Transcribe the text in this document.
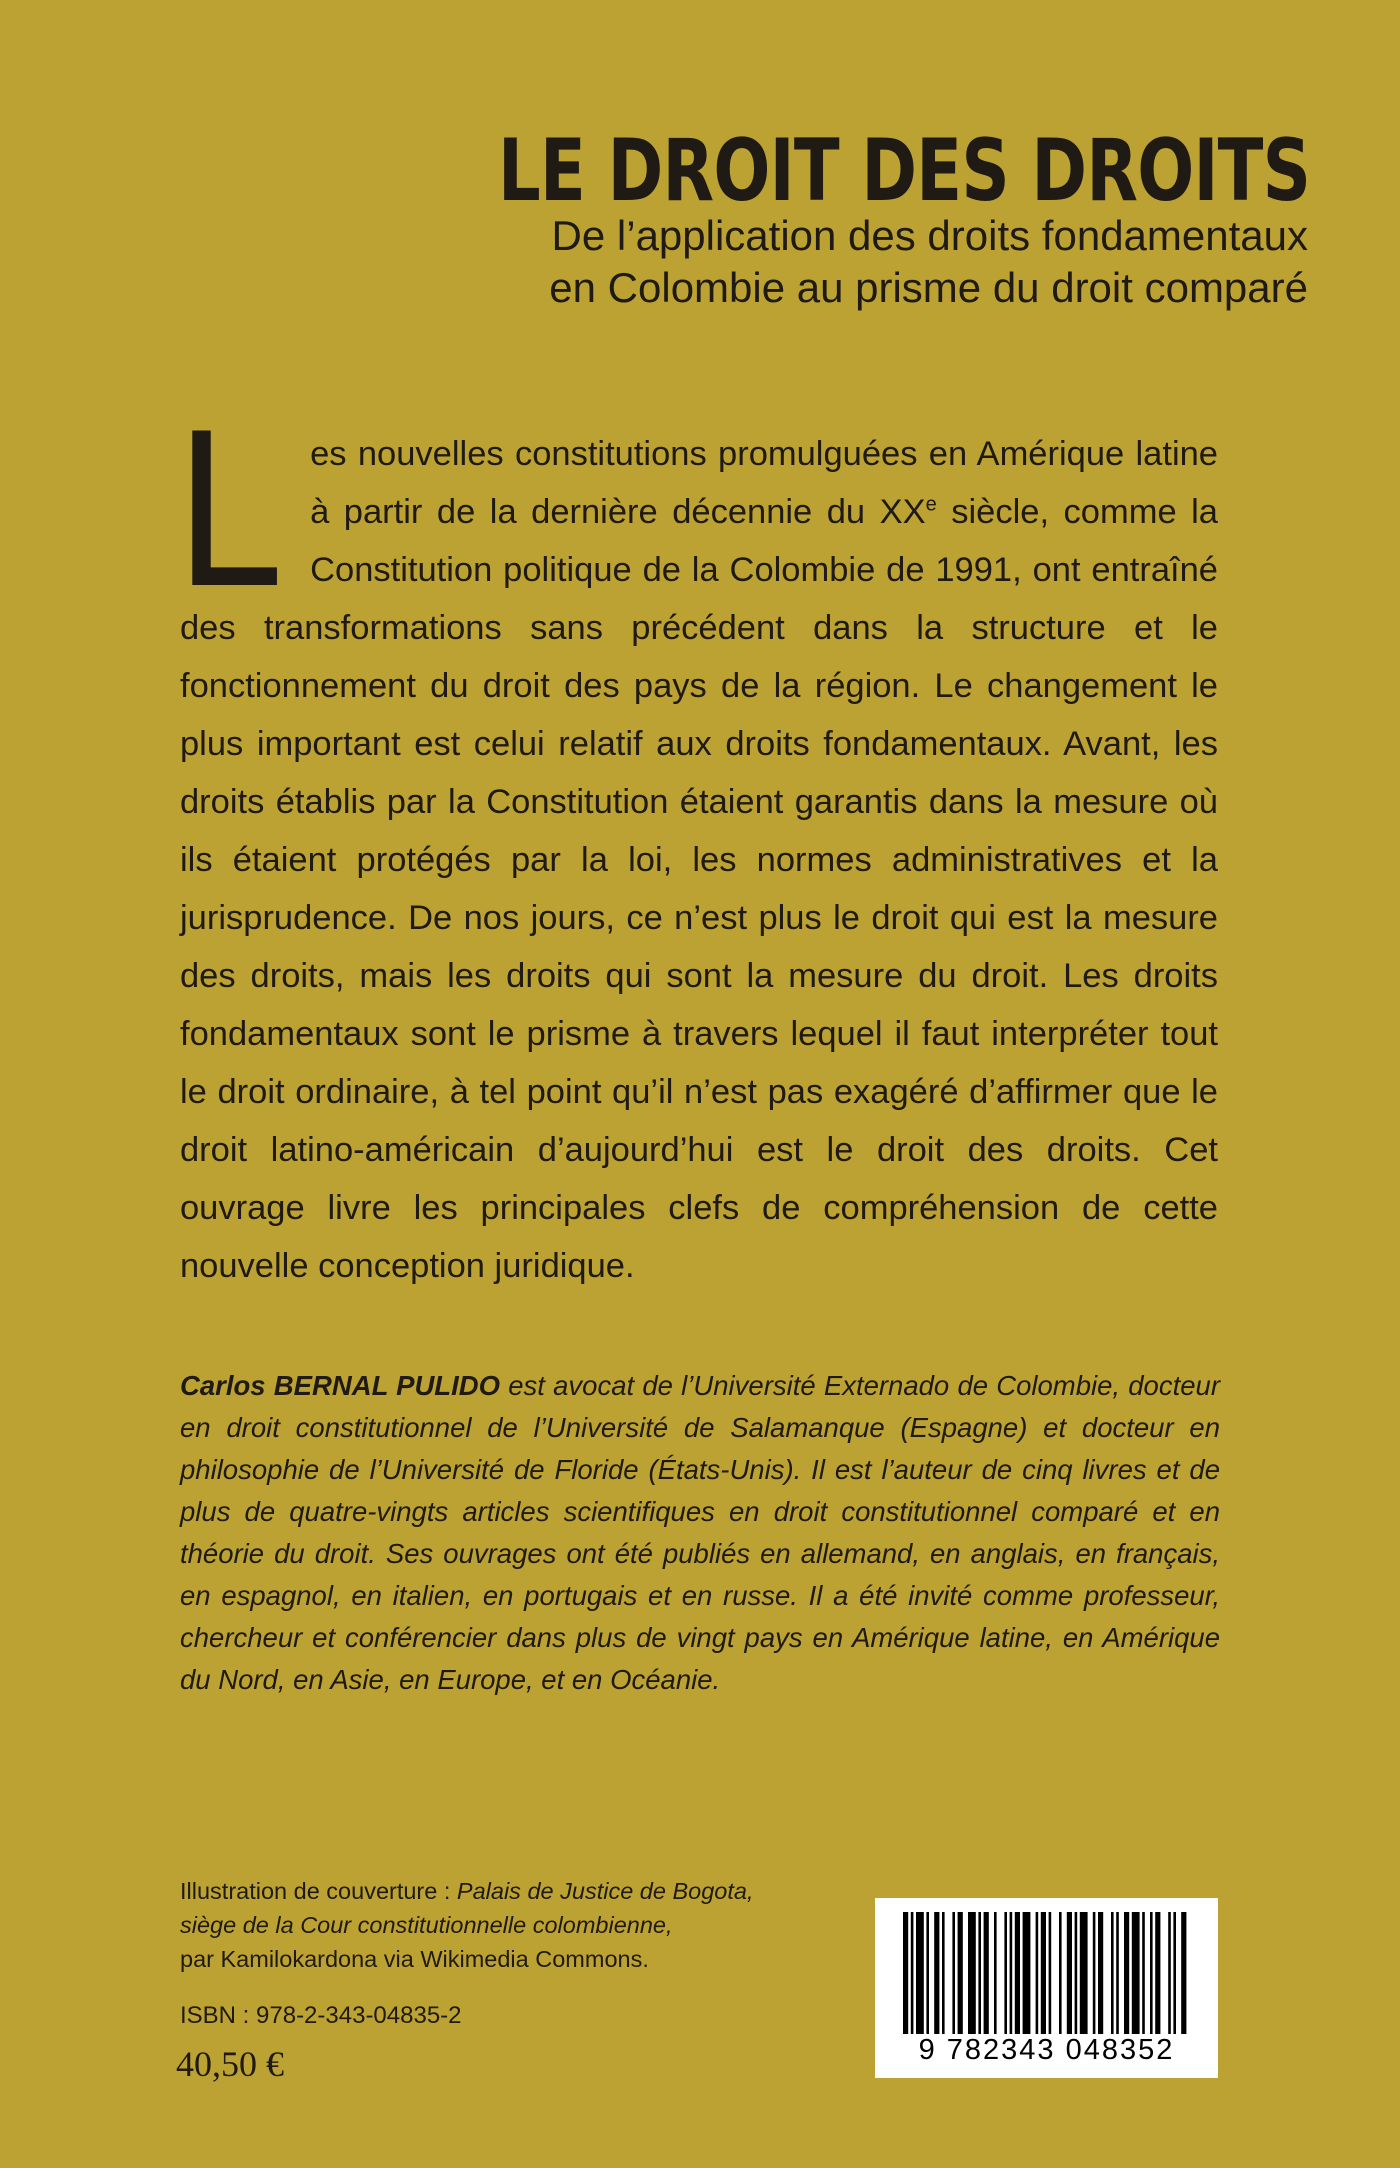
LE DROIT DES DROITS
De l’application des droits fondamentaux
en Colombie au prisme du droit comparé

Les nouvelles constitutions promulguées en Amérique latine à partir de la dernière décennie du XXe siècle, comme la Constitution politique de la Colombie de 1991, ont entraîné des transformations sans précédent dans la structure et le fonctionnement du droit des pays de la région. Le changement le plus important est celui relatif aux droits fondamentaux. Avant, les droits établis par la Constitution étaient garantis dans la mesure où ils étaient protégés par la loi, les normes administratives et la jurisprudence. De nos jours, ce n’est plus le droit qui est la mesure des droits, mais les droits qui sont la mesure du droit. Les droits fondamentaux sont le prisme à travers lequel il faut interpréter tout le droit ordinaire, à tel point qu’il n’est pas exagéré d’affirmer que le droit latino-américain d’aujourd’hui est le droit des droits. Cet ouvrage livre les principales clefs de compréhension de cette nouvelle conception juridique.

Carlos BERNAL PULIDO est avocat de l’Université Externado de Colombie, docteur en droit constitutionnel de l’Université de Salamanque (Espagne) et docteur en philosophie de l’Université de Floride (États-Unis). Il est l’auteur de cinq livres et de plus de quatre-vingts articles scientifiques en droit constitutionnel comparé et en théorie du droit. Ses ouvrages ont été publiés en allemand, en anglais, en français, en espagnol, en italien, en portugais et en russe. Il a été invité comme professeur, chercheur et conférencier dans plus de vingt pays en Amérique latine, en Amérique du Nord, en Asie, en Europe, et en Océanie.

Illustration de couverture : Palais de Justice de Bogota,
siège de la Cour constitutionnelle colombienne,
par Kamilokardona via Wikimedia Commons.
ISBN : 978-2-343-04835-2
40,50 €	9 782343 048352
